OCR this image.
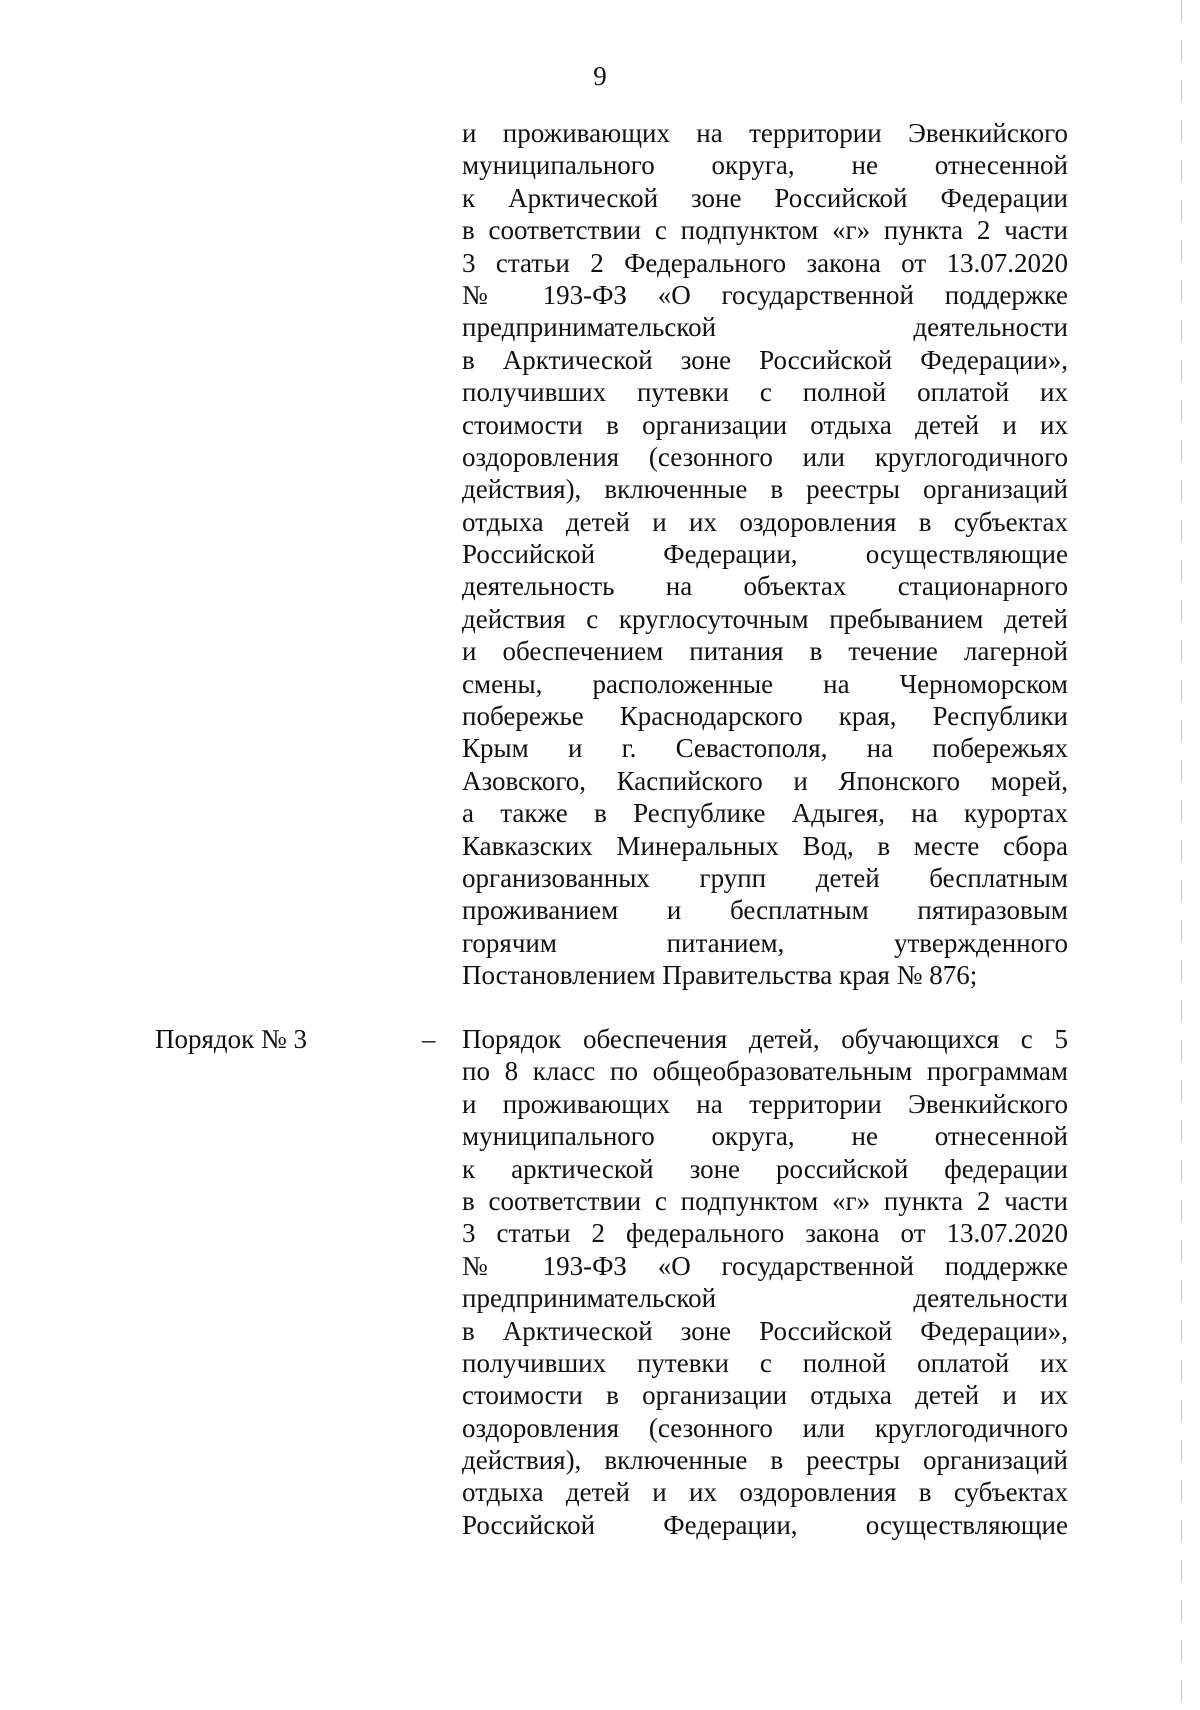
9
и проживающих на территории Эвенкийского
муниципального округа, не отнесенной
к Арктической зоне Российской Федерации
в соответствии с подпунктом «г» пункта 2 части
3 статьи 2 Федерального закона от 13.07.2020
№ 193-ФЗ «О государственной поддержке
предпринимательской деятельности
в Арктической зоне Российской Федерации»,
получивших путевки с полной оплатой их
стоимости в организации отдыха детей и их
оздоровления (сезонного или круглогодичного
действия), включенные в реестры организаций
отдыха детей и их оздоровления в субъектах
Российской Федерации, осуществляющие
деятельность на объектах стационарного
действия с круглосуточным пребыванием детей
и обеспечением питания в течение лагерной
смены, расположенные на Черноморском
побережье Краснодарского края, Республики
Крым и г. Севастополя, на побережьях
Азовского, Каспийского и Японского морей,
а также в Республике Адыгея, на курортах
Кавказских Минеральных Вод, в месте сбора
организованных групп детей бесплатным
проживанием и бесплатным пятиразовым
горячим питанием, утвержденного
Постановлением Правительства края № 876;
Порядок № 3	– Порядок обеспечения детей, обучающихся с 5
по 8 класс по общеобразовательным программам
и проживающих на территории Эвенкийского
муниципального округа, не отнесенной
к арктической зоне российской федерации
в соответствии с подпунктом «г» пункта 2 части
3 статьи 2 федерального закона от 13.07.2020
№ 193-ФЗ «О государственной поддержке
предпринимательской деятельности
в Арктической зоне Российской Федерации»,
получивших путевки с полной оплатой их
стоимости в организации отдыха детей и их
оздоровления (сезонного или круглогодичного
действия), включенные в реестры организаций
отдыха детей и их оздоровления в субъектах
Российской Федерации, осуществляющие
